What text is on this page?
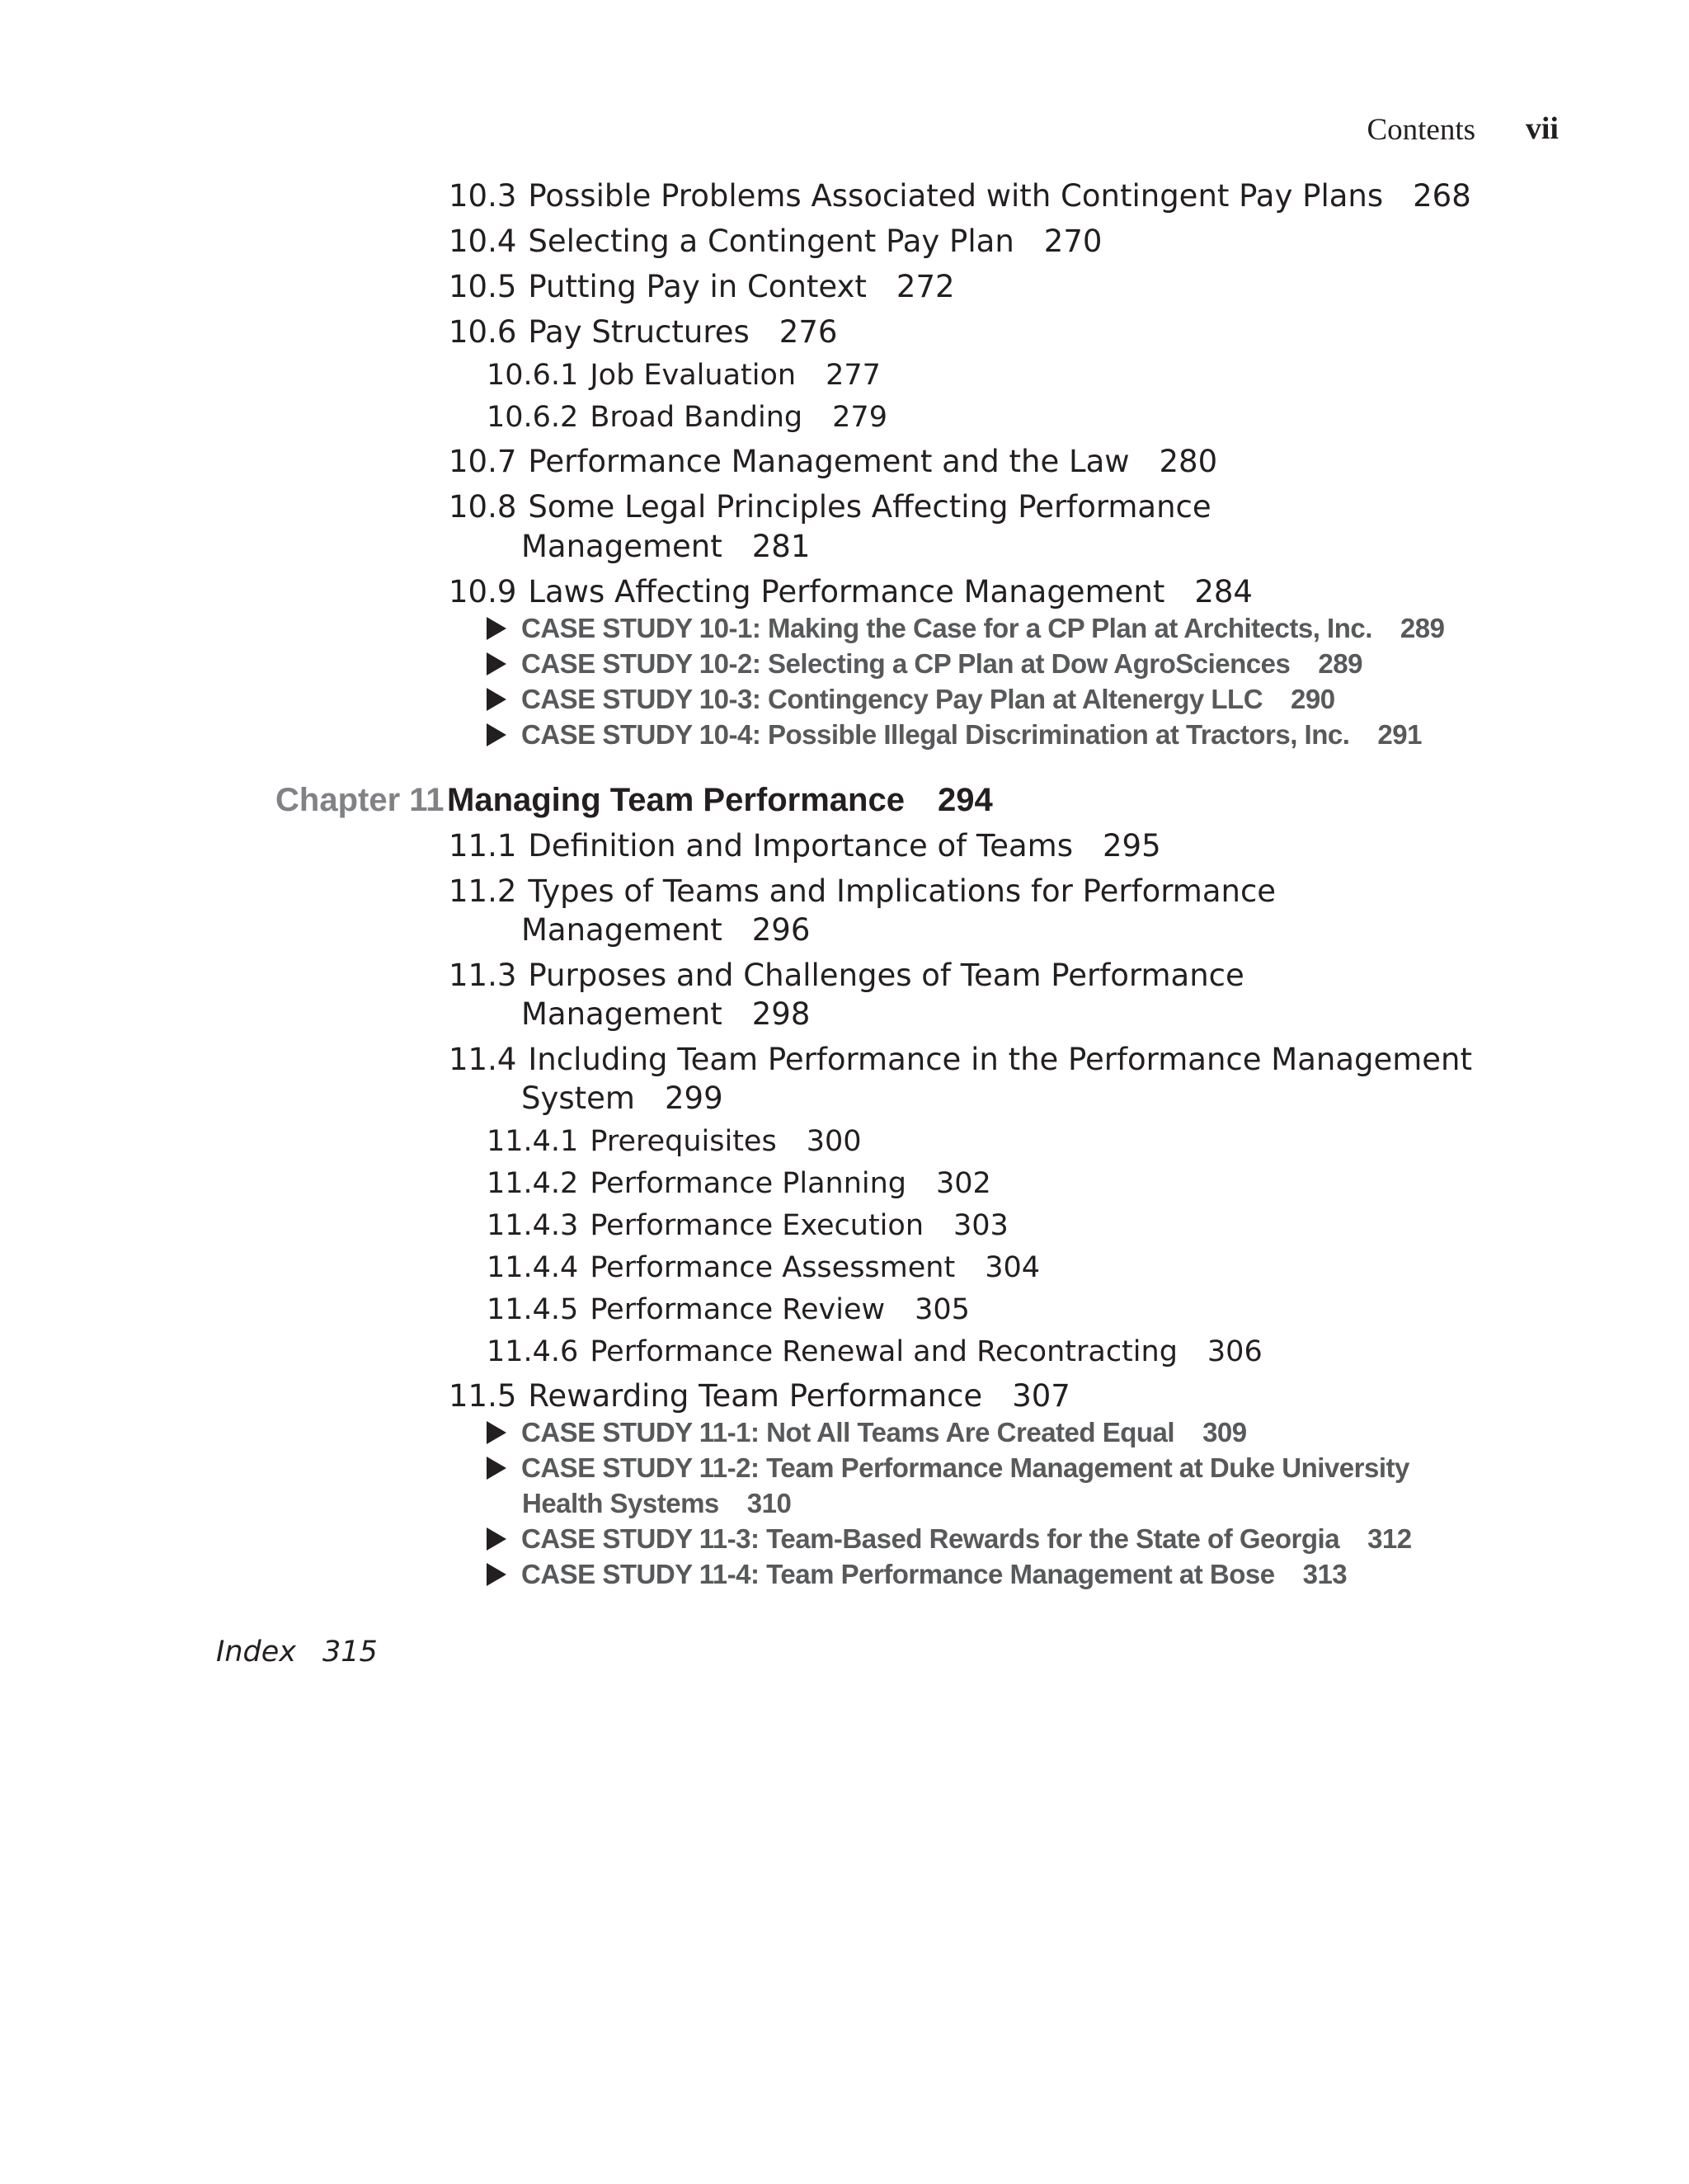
Contents vii
10.3 Possible Problems Associated with Contingent Pay Plans 268
10.4 Selecting a Contingent Pay Plan 270
10.5 Putting Pay in Context 272
10.6 Pay Structures 276
10.6.1 Job Evaluation 277
10.6.2 Broad Banding 279
10.7 Performance Management and the Law 280
10.8 Some Legal Principles Affecting Performance
Management 281
10.9 Laws Affecting Performance Management 284
CASE STUDY 10-1: Making the Case for a CP Plan at Architects, Inc. 289
CASE STUDY 10-2: Selecting a CP Plan at Dow AgroSciences 289
CASE STUDY 10-3: Contingency Pay Plan at Altenergy LLC 290
CASE STUDY 10-4: Possible Illegal Discrimination at Tractors, Inc. 291
Chapter 11 Managing Team Performance 294
11.1 Definition and Importance of Teams 295
11.2 Types of Teams and Implications for Performance
Management 296
11.3 Purposes and Challenges of Team Performance
Management 298
11.4 Including Team Performance in the Performance Management
System 299
11.4.1 Prerequisites 300
11.4.2 Performance Planning 302
11.4.3 Performance Execution 303
11.4.4 Performance Assessment 304
11.4.5 Performance Review 305
11.4.6 Performance Renewal and Recontracting 306
11.5 Rewarding Team Performance 307
CASE STUDY 11-1: Not All Teams Are Created Equal 309
CASE STUDY 11-2: Team Performance Management at Duke University
Health Systems 310
CASE STUDY 11-3: Team-Based Rewards for the State of Georgia 312
CASE STUDY 11-4: Team Performance Management at Bose 313
Index 315
